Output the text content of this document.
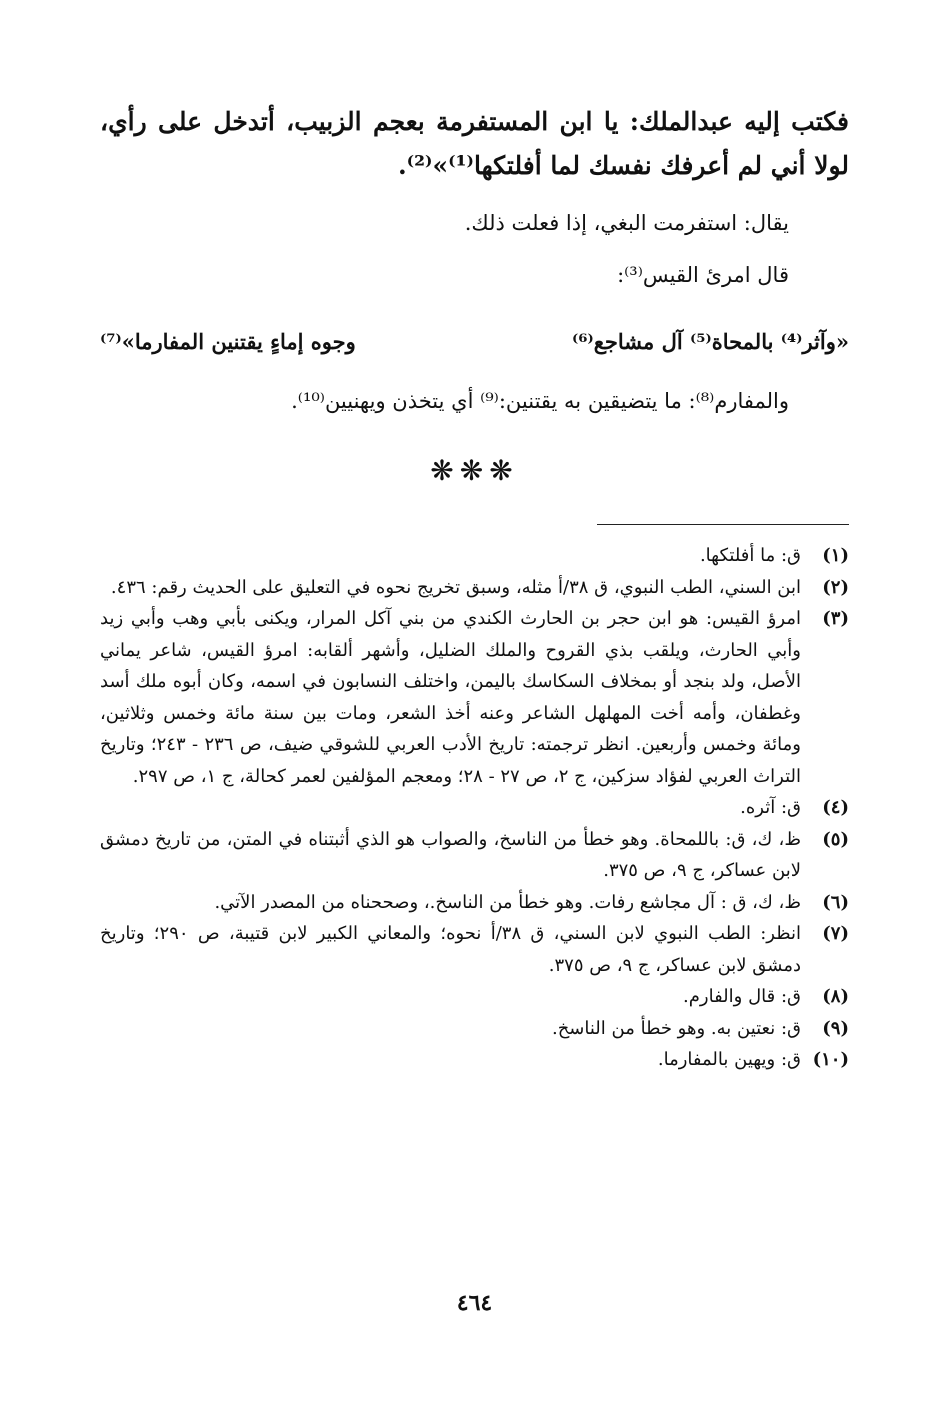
فكتب إليه عبدالملك: يا ابن المستفرمة بعجم الزبيب، أتدخل على رأي، لولا أني لم أعرفك نفسك لما أفلتكها⁽¹⁾»⁽²⁾.
يقال: استفرمت البغي، إذا فعلت ذلك.
قال امرئ القيس⁽³⁾:
«وآثر⁽⁴⁾ بالمحاة⁽⁵⁾ آل مشاجع⁽⁶⁾
وجوه إماءٍ يقتنين المفارما»⁽⁷⁾
والمفارم⁽⁸⁾: ما يتضيقين به يقتنين:⁽⁹⁾ أي يتخذن ويهنيين⁽¹⁰⁾.
❋❋❋
(١)
ق: ما أفلتكها.
(٢)
ابن السني، الطب النبوي، ق ٣٨/أ مثله، وسبق تخريج نحوه في التعليق على الحديث رقم: ٤٣٦.
(٣)
امرؤ القيس: هو ابن حجر بن الحارث الكندي من بني آكل المرار، ويكنى بأبي وهب وأبي زيد وأبي الحارث، ويلقب بذي القروح والملك الضليل، وأشهر ألقابه: امرؤ القيس، شاعر يماني الأصل، ولد بنجد أو بمخلاف السكاسك باليمن، واختلف النسابون في اسمه، وكان أبوه ملك أسد وغطفان، وأمه أخت المهلهل الشاعر وعنه أخذ الشعر، ومات بين سنة مائة وخمس وثلاثين، ومائة وخمس وأربعين. انظر ترجمته: تاريخ الأدب العربي للشوقي ضيف، ص ٢٣٦ - ٢٤٣؛ وتاريخ التراث العربي لفؤاد سزكين، ج ٢، ص ٢٧ - ٢٨؛ ومعجم المؤلفين لعمر كحالة، ج ١، ص ٢٩٧.
(٤)
ق: آثره.
(٥)
ظ، ك، ق: باللمحاة. وهو خطأ من الناسخ، والصواب هو الذي أثبتناه في المتن، من تاريخ دمشق لابن عساكر، ج ٩، ص ٣٧٥.
(٦)
ظ، ك، ق : آل مجاشع رفات. وهو خطأ من الناسخ.، وصححناه من المصدر الآتي.
(٧)
انظر: الطب النبوي لابن السني، ق ٣٨/أ نحوه؛ والمعاني الكبير لابن قتيبة، ص ٢٩٠؛ وتاريخ دمشق لابن عساكر، ج ٩، ص ٣٧٥.
(٨)
ق: قال والفارم.
(٩)
ق: نعتين به. وهو خطأ من الناسخ.
(١٠)
ق: ويهين بالمفارما.
٤٦٤
